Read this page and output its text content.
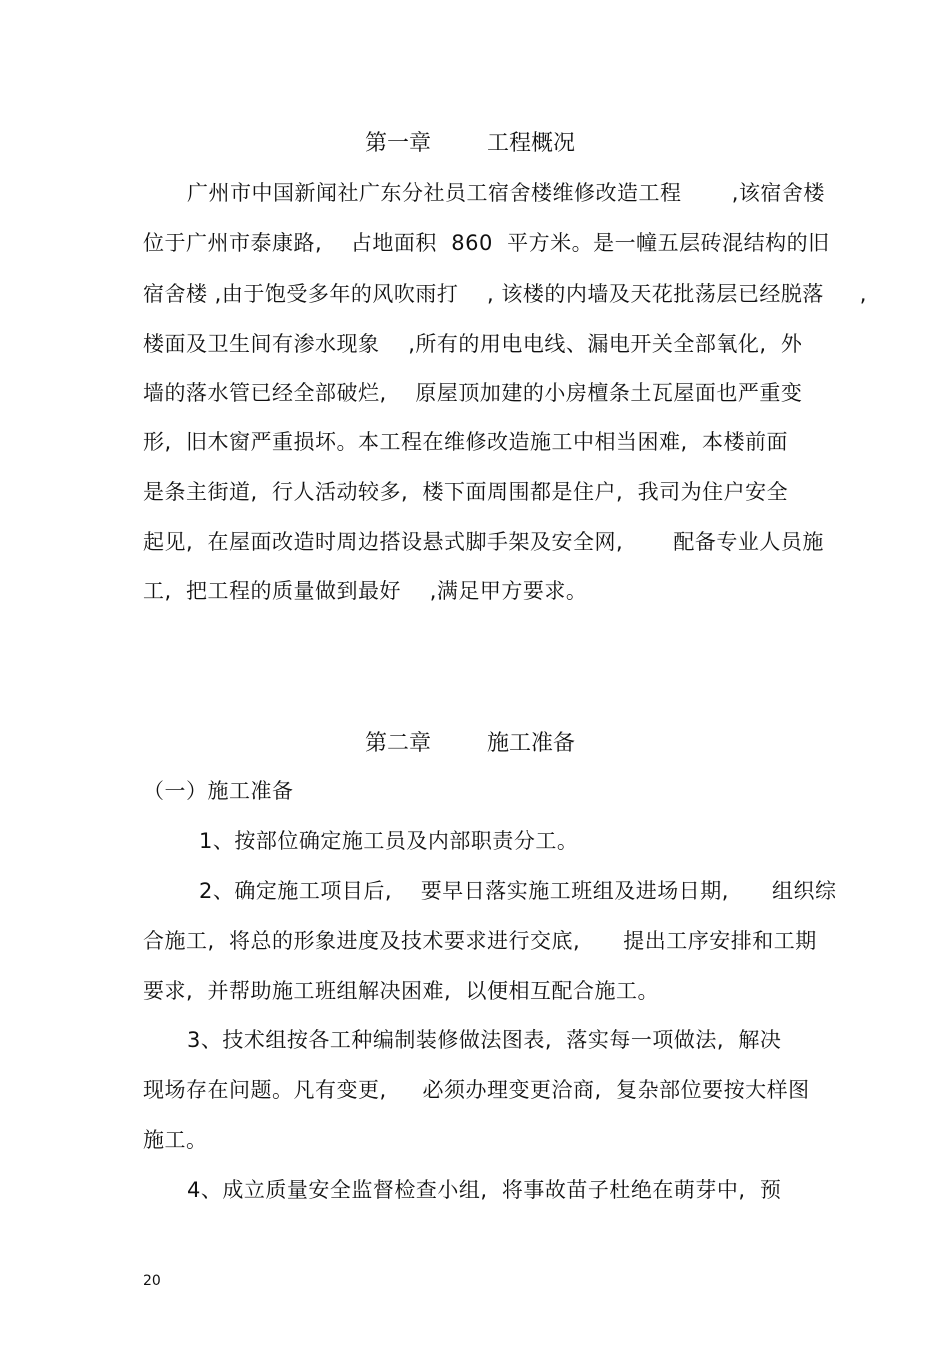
第一章        工程概况
广州市中国新闻社广东分社员工宿舍楼维修改造工程       ,该宿舍楼
位于广州市泰康路,    占地面积  860  平方米。是一幢五层砖混结构的旧
宿舍楼 ,由于饱受多年的风吹雨打    , 该楼的内墙及天花批荡层已经脱落     ,
楼面及卫生间有渗水现象    ,所有的用电电线、漏电开关全部氧化,  外
墙的落水管已经全部破烂,    原屋顶加建的小房檀条土瓦屋面也严重变
形,  旧木窗严重损坏。本工程在维修改造施工中相当困难,  本楼前面
是条主街道,  行人活动较多,  楼下面周围都是住户,  我司为住户安全
起见,  在屋面改造时周边搭设悬式脚手架及安全网,       配备专业人员施
工,  把工程的质量做到最好    ,满足甲方要求。
第二章        施工准备
（一）施工准备
1、按部位确定施工员及内部职责分工。
2、确定施工项目后,    要早日落实施工班组及进场日期,      组织综
合施工,  将总的形象进度及技术要求进行交底,      提出工序安排和工期
要求,  并帮助施工班组解决困难,  以便相互配合施工。
3、技术组按各工种编制装修做法图表,  落实每一项做法,  解决
现场存在问题。凡有变更,     必须办理变更洽商,  复杂部位要按大样图
施工。
4、成立质量安全监督检查小组,  将事故苗子杜绝在萌芽中,  预
20
